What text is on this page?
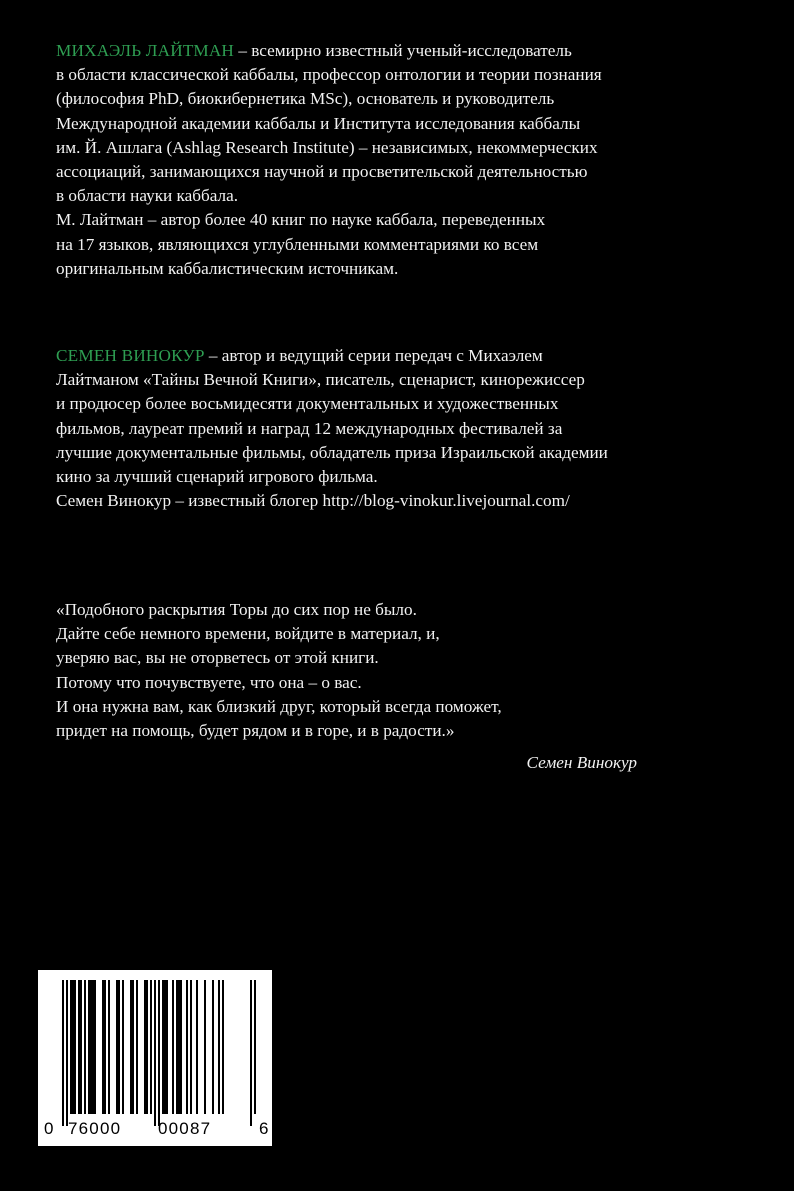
МИХАЭЛЬ ЛАЙТМАН – всемирно известный ученый-исследователь
в области классической каббалы, профессор онтологии и теории познания
(философия PhD, биокибернетика MSc), основатель и руководитель
Международной академии каббалы и Института исследования каббалы
им. Й. Ашлага (Ashlag Research Institute) – независимых, некоммерческих
ассоциаций, занимающихся научной и просветительской деятельностью
в области науки каббала.
М. Лайтман – автор более 40 книг по науке каббала, переведенных
на 17 языков, являющихся углубленными комментариями ко всем
оригинальным каббалистическим источникам.
СЕМЕН ВИНОКУР – автор и ведущий серии передач с Михаэлем
Лайтманом «Тайны Вечной Книги», писатель, сценарист, кинорежиссер
и продюсер более восьмидесяти документальных и художественных
фильмов, лауреат премий и наград 12 международных фестивалей за
лучшие документальные фильмы, обладатель приза Израильской академии
кино за лучший сценарий игрового фильма.
Семен Винокур – известный блогер http://blog-vinokur.livejournal.com/
«Подобного раскрытия Торы до сих пор не было.
Дайте себе немного времени, войдите в материал, и,
уверяю вас, вы не оторветесь от этой книги.
Потому что почувствуете, что она – о вас.
И она нужна вам, как близкий друг, который всегда поможет,
придет на помощь, будет рядом и в горе, и в радости.»
Семен Винокур
0 76000 00087	6
